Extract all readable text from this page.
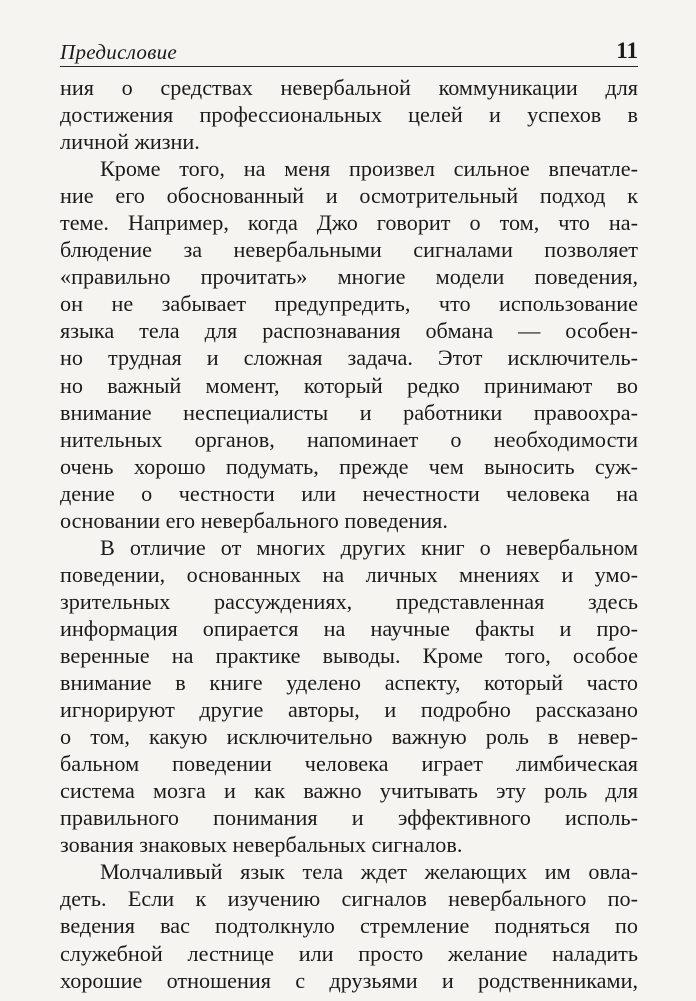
Предисловие	11
ния о средствах невербальной коммуникации для
достижения профессиональных целей и успехов в
личной жизни.
Кроме того, на меня произвел сильное впечатле-
ние его обоснованный и осмотрительный подход к
теме. Например, когда Джо говорит о том, что на-
блюдение за невербальными сигналами позволяет
«правильно прочитать» многие модели поведения,
он не забывает предупредить, что использование
языка тела для распознавания обмана — особен-
но трудная и сложная задача. Этот исключитель-
но важный момент, который редко принимают во
внимание неспециалисты и работники правоохра-
нительных органов, напоминает о необходимости
очень хорошо подумать, прежде чем выносить суж-
дение о честности или нечестности человека на
основании его невербального поведения.
В отличие от многих других книг о невербальном
поведении, основанных на личных мнениях и умо-
зрительных рассуждениях, представленная здесь
информация опирается на научные факты и про-
веренные на практике выводы. Кроме того, особое
внимание в книге уделено аспекту, который часто
игнорируют другие авторы, и подробно рассказано
о том, какую исключительно важную роль в невер-
бальном поведении человека играет лимбическая
система мозга и как важно учитывать эту роль для
правильного понимания и эффективного исполь-
зования знаковых невербальных сигналов.
Молчаливый язык тела ждет желающих им овла-
деть. Если к изучению сигналов невербального по-
ведения вас подтолкнуло стремление подняться по
служебной лестнице или просто желание наладить
хорошие отношения с друзьями и родственниками,
